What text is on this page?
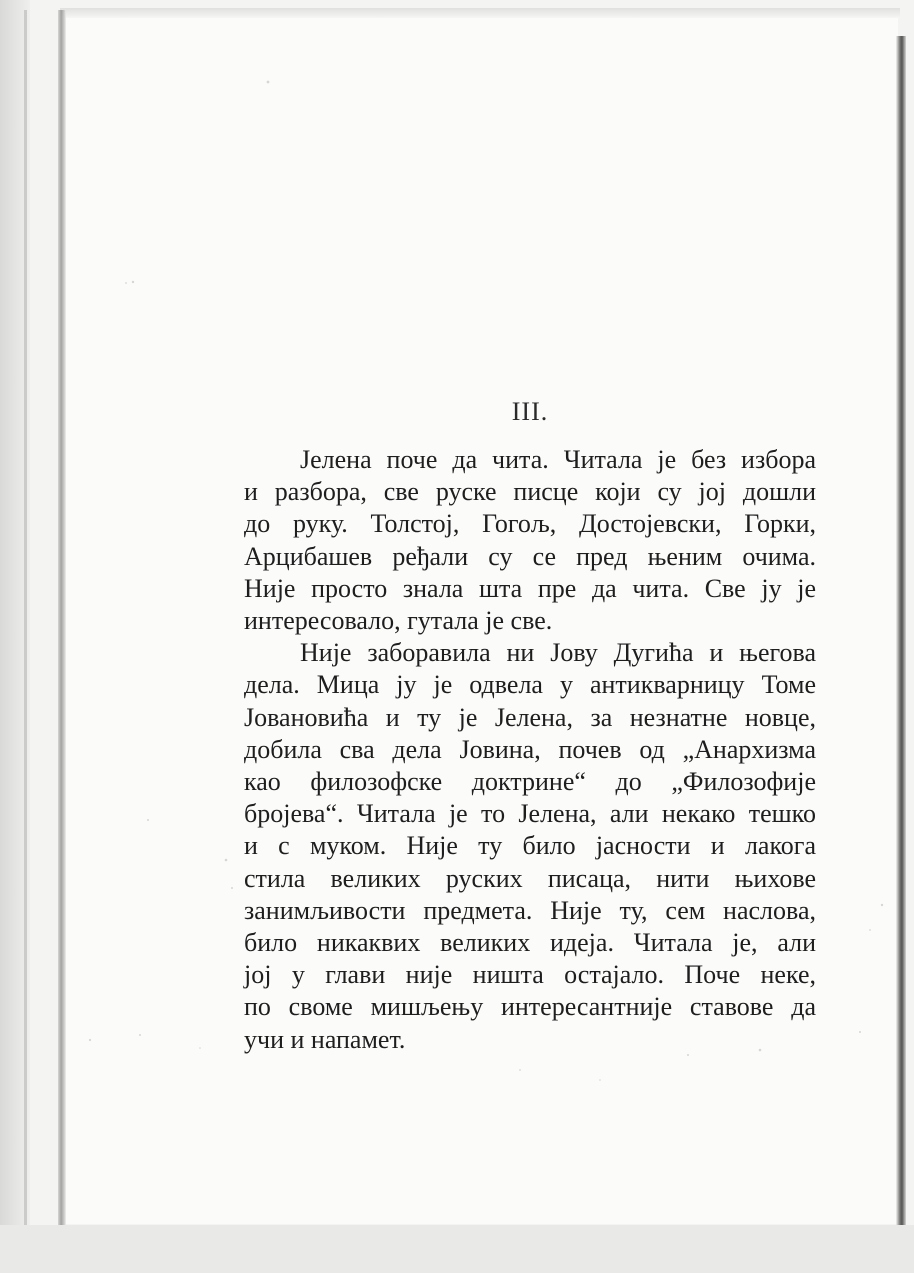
III.
Јелена поче да чита. Читала је без избора
и разбора, све руске писце који су јој дошли
до руку. Толстој, Гогољ, Достојевски, Горки,
Арцибашев ређали су се пред њеним очима.
Није просто знала шта пре да чита. Све ју је
интересовало, гутала је све.
Није заборавила ни Јову Дугића и његова
дела. Мица ју је одвела у антикварницу Томе
Јовановића и ту је Јелена, за незнатне новце,
добила сва дела Јовина, почев од „Анархизма
као филозофске доктрине“ до „Филозофије
бројева“. Читала је то Јелена, али некако тешко
и с муком. Није ту било јасности и лакога
стила великих руских писаца, нити њихове
занимљивости предмета. Није ту, сем наслова,
било никаквих великих идеја. Читала је, али
јој у глави није ништа остајало. Поче неке,
по своме мишљењу интересантније ставове да
учи и напамет.
